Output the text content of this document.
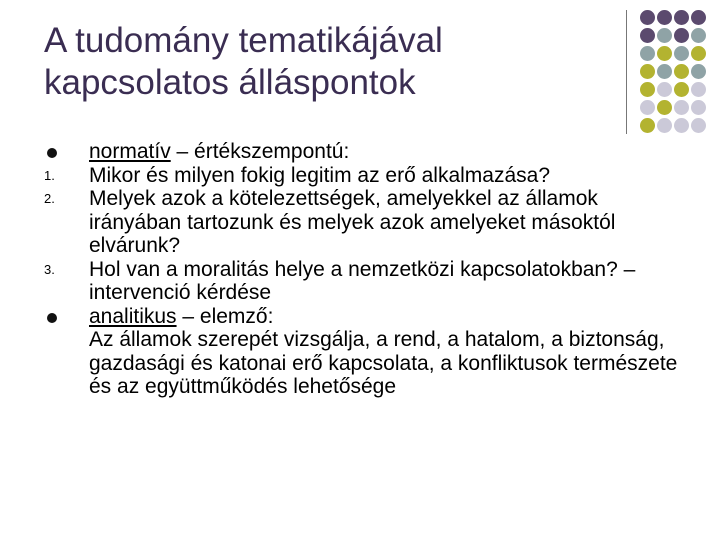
A tudomány tematikájával kapcsolatos álláspontok
normatív – értékszempontú:
1.	Mikor és milyen fokig legitim az erő alkalmazása?
2.	Melyek azok a kötelezettségek, amelyekkel az államok irányában tartozunk és melyek azok amelyeket másoktól elvárunk?
3.	Hol van a moralitás helye a nemzetközi kapcsolatokban? – intervenció kérdése
analitikus – elemző:
Az államok szerepét vizsgálja, a rend, a hatalom, a biztonság, gazdasági és katonai erő kapcsolata, a konfliktusok természete és az együttműködés lehetősége
